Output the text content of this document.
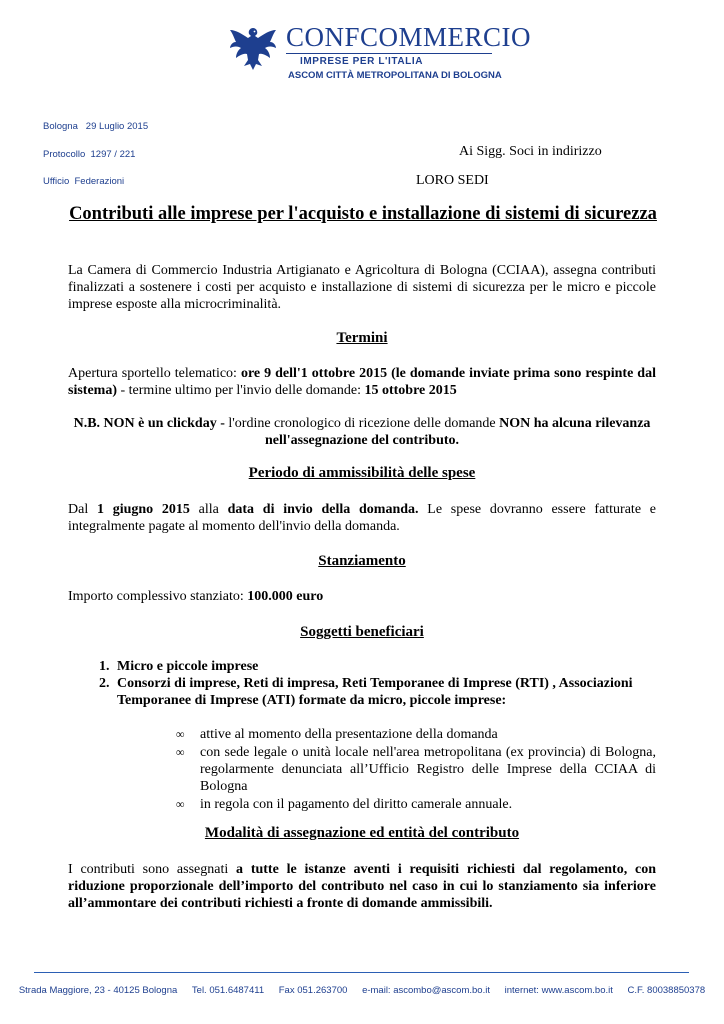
CONFCOMMERCIO
IMPRESE PER L'ITALIA
ASCOM CITTÀ METROPOLITANA DI BOLOGNA
Bologna   29 Luglio 2015
Protocollo  1297 / 221
Ufficio  Federazioni
Ai Sigg. Soci in indirizzo
LORO SEDI
Contributi alle imprese per l'acquisto e installazione di sistemi di sicurezza
La Camera di Commercio Industria Artigianato e Agricoltura di Bologna (CCIAA), assegna contributi finalizzati a sostenere i costi per acquisto e installazione di sistemi di sicurezza per le micro e piccole imprese esposte alla microcriminalità.
Termini
Apertura sportello telematico: ore 9 dell'1 ottobre 2015 (le domande inviate prima sono respinte dal sistema) - termine ultimo per l'invio delle domande: 15 ottobre 2015
N.B. NON è un clickday - l'ordine cronologico di ricezione delle domande NON ha alcuna rilevanza nell'assegnazione del contributo.
Periodo di ammissibilità delle spese
Dal 1 giugno 2015 alla data di invio della domanda. Le spese dovranno essere fatturate e integralmente pagate al momento dell'invio della domanda.
Stanziamento
Importo complessivo stanziato: 100.000 euro
Soggetti beneficiari
1. Micro e piccole imprese
2. Consorzi di imprese, Reti di impresa, Reti Temporanee di Imprese (RTI) , Associazioni Temporanee di Imprese (ATI) formate da micro, piccole imprese:
∞ attive al momento della presentazione della domanda
∞ con sede legale o unità locale nell'area metropolitana (ex provincia) di Bologna, regolarmente denunciata all’Ufficio Registro delle Imprese della CCIAA di Bologna
∞ in regola con il pagamento del diritto camerale annuale.
Modalità di assegnazione ed entità del contributo
I contributi sono assegnati a tutte le istanze aventi i requisiti richiesti dal regolamento, con riduzione proporzionale dell’importo del contributo nel caso in cui lo stanziamento sia inferiore all’ammontare dei contributi richiesti a fronte di domande ammissibili.
Strada Maggiore, 23 - 40125 Bologna Tel. 051.6487411 Fax 051.263700 e-mail: ascombo@ascom.bo.it internet: www.ascom.bo.it C.F. 80038850378
